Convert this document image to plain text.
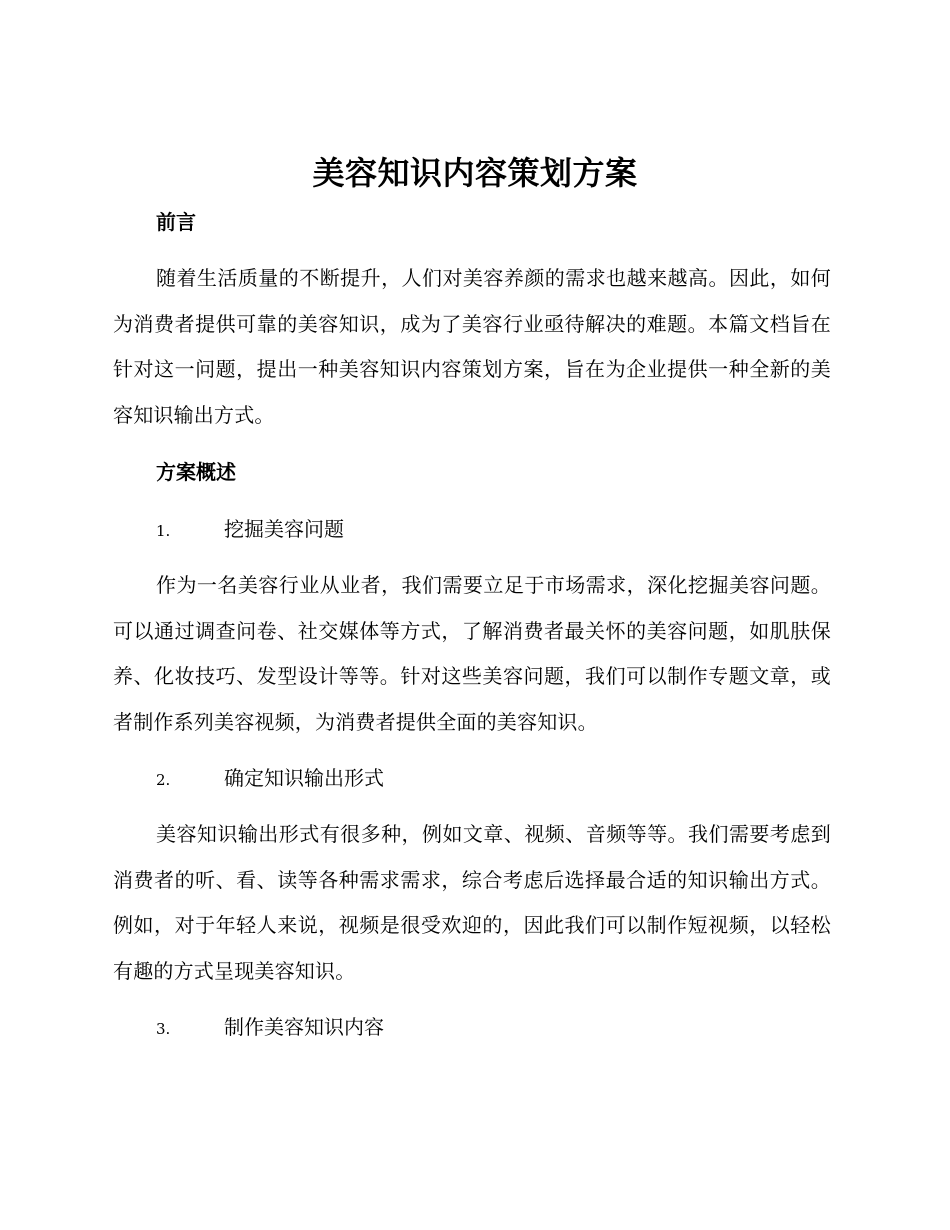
美容知识内容策划方案
前言
随着生活质量的不断提升，人们对美容养颜的需求也越来越高。因此，如何为消费者提供可靠的美容知识，成为了美容行业亟待解决的难题。本篇文档旨在针对这一问题，提出一种美容知识内容策划方案，旨在为企业提供一种全新的美容知识输出方式。
方案概述
1.	挖掘美容问题
作为一名美容行业从业者，我们需要立足于市场需求，深化挖掘美容问题。可以通过调查问卷、社交媒体等方式，了解消费者最关怀的美容问题，如肌肤保养、化妆技巧、发型设计等等。针对这些美容问题，我们可以制作专题文章，或者制作系列美容视频，为消费者提供全面的美容知识。
2.	确定知识输出形式
美容知识输出形式有很多种，例如文章、视频、音频等等。我们需要考虑到消费者的听、看、读等各种需求需求，综合考虑后选择最合适的知识输出方式。例如，对于年轻人来说，视频是很受欢迎的，因此我们可以制作短视频，以轻松有趣的方式呈现美容知识。
3.	制作美容知识内容
